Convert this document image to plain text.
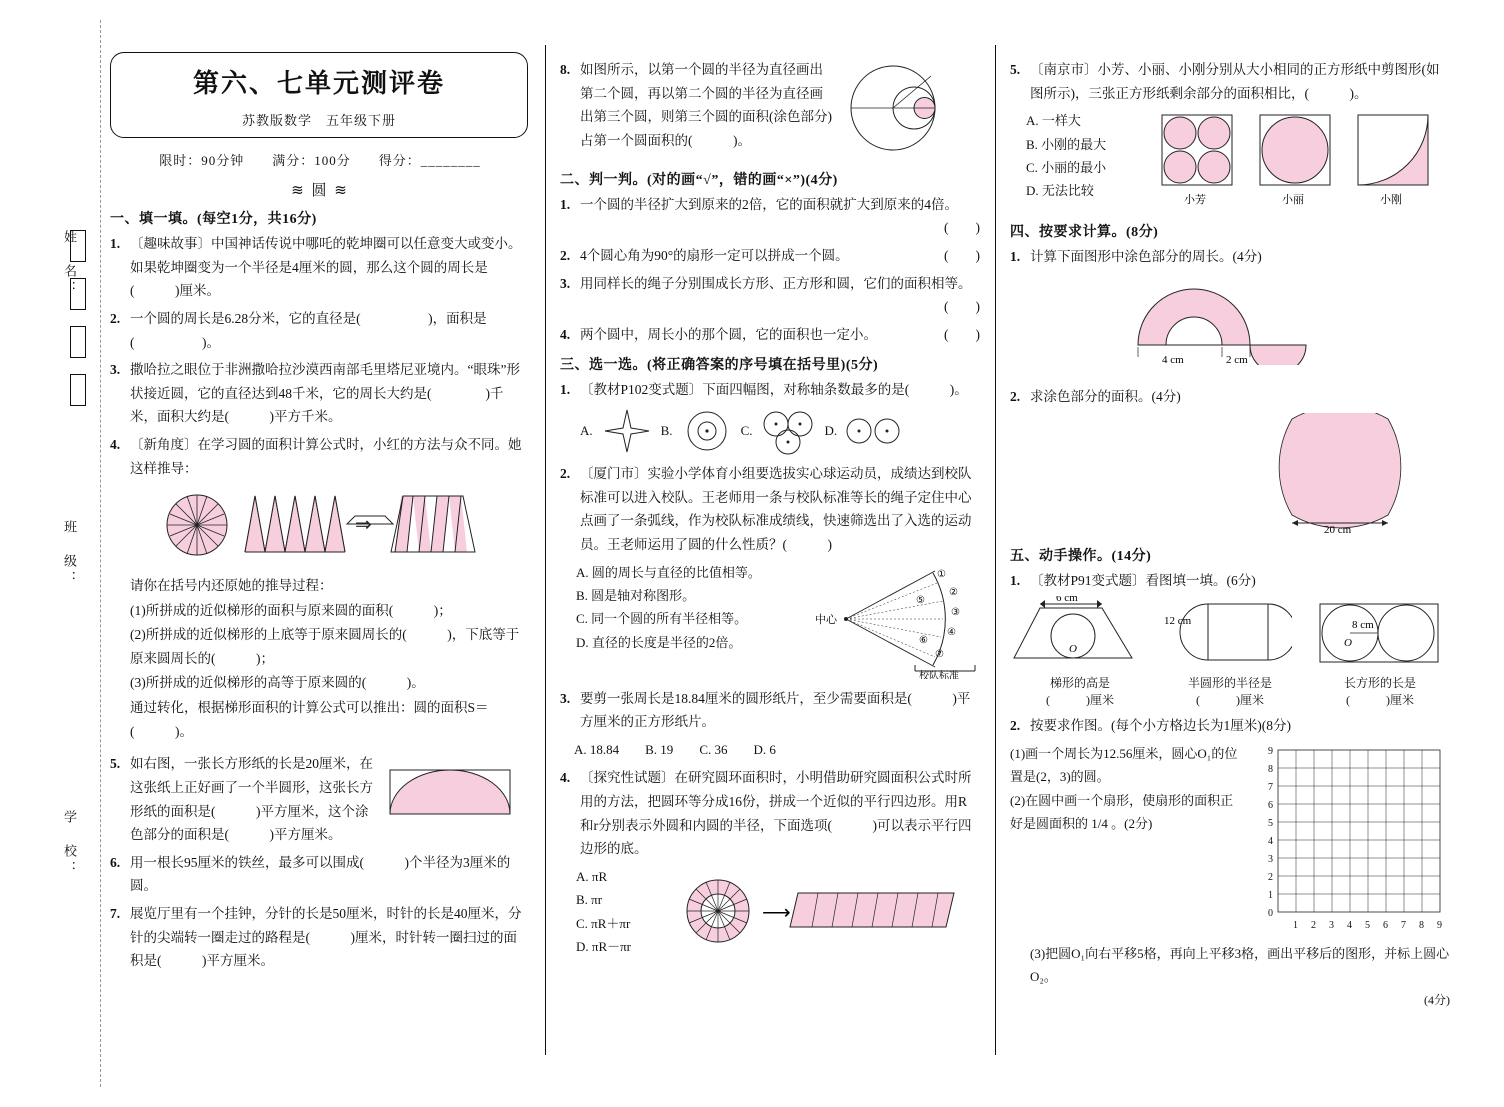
姓　名：
班　级：
学　校：
第六、七单元测评卷
苏教版数学　五年级下册
限时：90分钟　　满分：100分　　得分：________
≋ 圆 ≋
一、填一填。(每空1分，共16分)
1. 〔趣味故事〕中国神话传说中哪吒的乾坤圈可以任意变大或变小。如果乾坤圈变为一个半径是4厘米的圆，那么这个圆的周长是(　　　)厘米。
2. 一个圆的周长是6.28分米，它的直径是(　　　　　)，面积是(　　　　　)。
3. 撒哈拉之眼位于非洲撒哈拉沙漠西南部毛里塔尼亚境内。“眼珠”形状接近圆，它的直径达到48千米，它的周长大约是(　　　　)千米，面积大约是(　　　)平方千米。
4. 〔新角度〕在学习圆的面积计算公式时，小红的方法与众不同。她这样推导：
⇒
请你在括号内还原她的推导过程：
(1)所拼成的近似梯形的面积与原来圆的面积(　　　)；
(2)所拼成的近似梯形的上底等于原来圆周长的(　　　)，下底等于原来圆周长的(　　　)；
(3)所拼成的近似梯形的高等于原来圆的(　　　)。
通过转化，根据梯形面积的计算公式可以推出：圆的面积S＝(　　　)。
5. 如右图，一张长方形纸的长是20厘米，在这张纸上正好画了一个半圆形，这张长方形纸的面积是(　　　)平方厘米，这个涂色部分的面积是(　　　)平方厘米。
6. 用一根长95厘米的铁丝，最多可以围成(　　　)个半径为3厘米的圆。
7. 展览厅里有一个挂钟，分针的长是50厘米，时针的长是40厘米，分针的尖端转一圈走过的路程是(　　　)厘米，时针转一圈扫过的面积是(　　　)平方厘米。
8. 如图所示，以第一个圆的半径为直径画出第二个圆，再以第二个圆的半径为直径画出第三个圆，则第三个圆的面积(涂色部分)占第一个圆面积的(　　　)。
二、判一判。(对的画“√”，错的画“×”)(4分)
1. 一个圆的半径扩大到原来的2倍，它的面积就扩大到原来的4倍。
(　　)
2. 4个圆心角为90°的扇形一定可以拼成一个圆。	(　　)
3. 用同样长的绳子分别围成长方形、正方形和圆，它们的面积相等。
(　　)
4. 两个圆中，周长小的那个圆，它的面积也一定小。	(　　)
三、选一选。(将正确答案的序号填在括号里)(5分)
1. 〔教材P102变式题〕下面四幅图，对称轴条数最多的是(　　　)。
A.	B.	C.	D.
2. 〔厦门市〕实验小学体育小组要选拔实心球运动员，成绩达到校队标准可以进入校队。王老师用一条与校队标准等长的绳子定住中心点画了一条弧线，作为校队标准成绩线，快速筛选出了入选的运动员。王老师运用了圆的什么性质？(　　　)
A. 圆的周长与直径的比值相等。
B. 圆是轴对称图形。
C. 同一个圆的所有半径相等。
D. 直径的长度是半径的2倍。
中心
①
②
③
④
⑤
⑥
⑦
校队标准
3. 要剪一张周长是18.84厘米的圆形纸片，至少需要面积是(　　　)平方厘米的正方形纸片。
A. 18.84 B. 19 C. 36 D. 6
4. 〔探究性试题〕在研究圆环面积时，小明借助研究圆面积公式时所用的方法，把圆环等分成16份，拼成一个近似的平行四边形。用R和r分别表示外圆和内圆的半径，下面选项(　　　)可以表示平行四边形的底。
A. πR
B. πr
C. πR＋πr
D. πR－πr
⟶
5. 〔南京市〕小芳、小丽、小刚分别从大小相同的正方形纸中剪图形(如图所示)，三张正方形纸剩余部分的面积相比，(　　　)。
A. 一样大
B. 小刚的最大
C. 小丽的最小
D. 无法比较
小芳	小丽	小刚
四、按要求计算。(8分)
1. 计算下面图形中涂色部分的周长。(4分)
4 cm	2 cm
2. 求涂色部分的面积。(4分)
20 cm
五、动手操作。(14分)
1. 〔教材P91变式题〕看图填一填。(6分)
6 cm
O
12 cm	8 cm
O
梯形的高是
(　　　)厘米
半圆形的半径是
(　　　)厘米
长方形的长是
(　　　)厘米
2. 按要求作图。(每个小方格边长为1厘米)(8分)
(1)画一个周长为12.56厘米，圆心O₁的位置是(2，3)的圆。
(2)在圆中画一个扇形，使扇形的面积正好是圆面积的 1/4 。(2分)
9
8
7
6
5
4
3
2
1
0
1 2 3 4 5 6 7 8 9
(3)把圆O₁向右平移5格，再向上平移3格，画出平移后的图形，并标上圆心O₂。
(4分)
